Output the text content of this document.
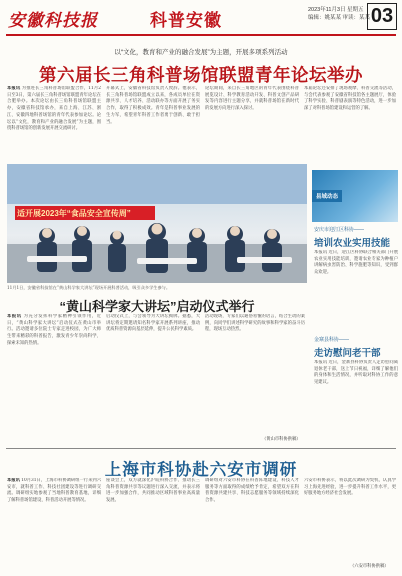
安徽科技报	科普安徽
2023年11月3日 星期五
编辑：姚某某 审读：某某 03
以“文化，教育和产业的融合发展”为主题，开展多项系列活动
第六届长三角科普场馆联盟青年论坛举办
本报讯 为推进长三角科普场馆联盟合作，11月2日至3日，第六届长三角科普场馆联盟青年论坛在合肥举办。本次论坛由长三角科普场馆联盟主办，安徽省科技馆承办，来自上海、江苏、浙江、安徽四地科普场馆的青年代表参加论坛。论坛以“文化，教育和产业的融合发展”为主题，围绕科普场馆的创新发展开展交流研讨。
开幕式上，安徽省科技馆负责人致辞。他表示，长三角科普场馆联盟成立以来，各成员单位在资源共享、人才培养、活动联办等方面开展了务实合作，取得了积极成效。青年是科普事业发展的生力军，希望青年科普工作者勇于创新、敢于担当。
论坛期间，来自长三角地区的青年代表围绕科普展览设计、科学教育活动开发、科普文创产品研发等内容进行主题分享，并就科普场馆在新时代的发展方向进行深入探讨。
本届论坛还安排了现场观摩、科普交流等活动，与会代表参观了安徽省科技馆各主题展厅，体验了科学实验、科普剧表演等特色活动，进一步加深了对科普场馆建设和运营的了解。
适开展2023年“食品安全宣传周”
11月1日，安徽省科技馆在“黄山科学家大讲坛”现场开展科普活动，吸引众多学生参与。
“黄山科学家大讲坛”启动仪式举行
本报讯 为充分发挥科学家精神引领作用，近日，“黄山科学家大讲坛”启动仪式在黄山市举行。活动邀请多位院士专家走进校园，为广大师生带来精彩的科普报告，激发青少年崇尚科学、探索未知的热情。
启动仪式上，与会领导为大讲坛揭牌。据悉，大讲坛将定期邀请知名科学家开展系列讲座，推动优质科普资源向基层延伸，提升公民科学素质。
活动现场，专家们以通俗易懂的语言，结合生动的案例，向同学们讲述科学研究的故事和科学家的奋斗历程，现场互动热烈。
（黄山市科协供稿）
县域动态
安庆市迎江区科协——
培训农业实用技能
本报讯 近日，迎江区科协联合相关部门开展农业实用技能培训，邀请农业专家为种植户讲解病虫害防治、科学施肥等知识，受到群众欢迎。
金寨县科协——
走访慰问老干部
本报讯 近日，金寨县科协负责人走访慰问离退休老干部，送上节日祝福，详细了解他们的身体和生活情况，并听取对科协工作的意见建议。
上海市科协赴六安市调研
本报讯 10月31日，上海市科协调研组一行来到六安市，就科普工作、科技社团建设等进行调研交流。调研组实地参观了当地科普教育基地，详细了解科普场馆建设、科普活动开展等情况。
座谈会上，双方就深化沪皖科协合作、推动长三角科普资源共享等议题进行深入交流，并表示将进一步加强合作，共同推动区域科普事业高质量发展。
调研组对六安市科协在科普阵地建设、科技人才服务等方面取得的成绩给予肯定，希望双方在科普资源共建共享、科技志愿服务等领域持续深化合作。
六安市科协表示，将以此次调研为契机，认真学习上海先进经验，进一步提升科普工作水平，更好服务地方经济社会发展。
（六安市科协供稿）
